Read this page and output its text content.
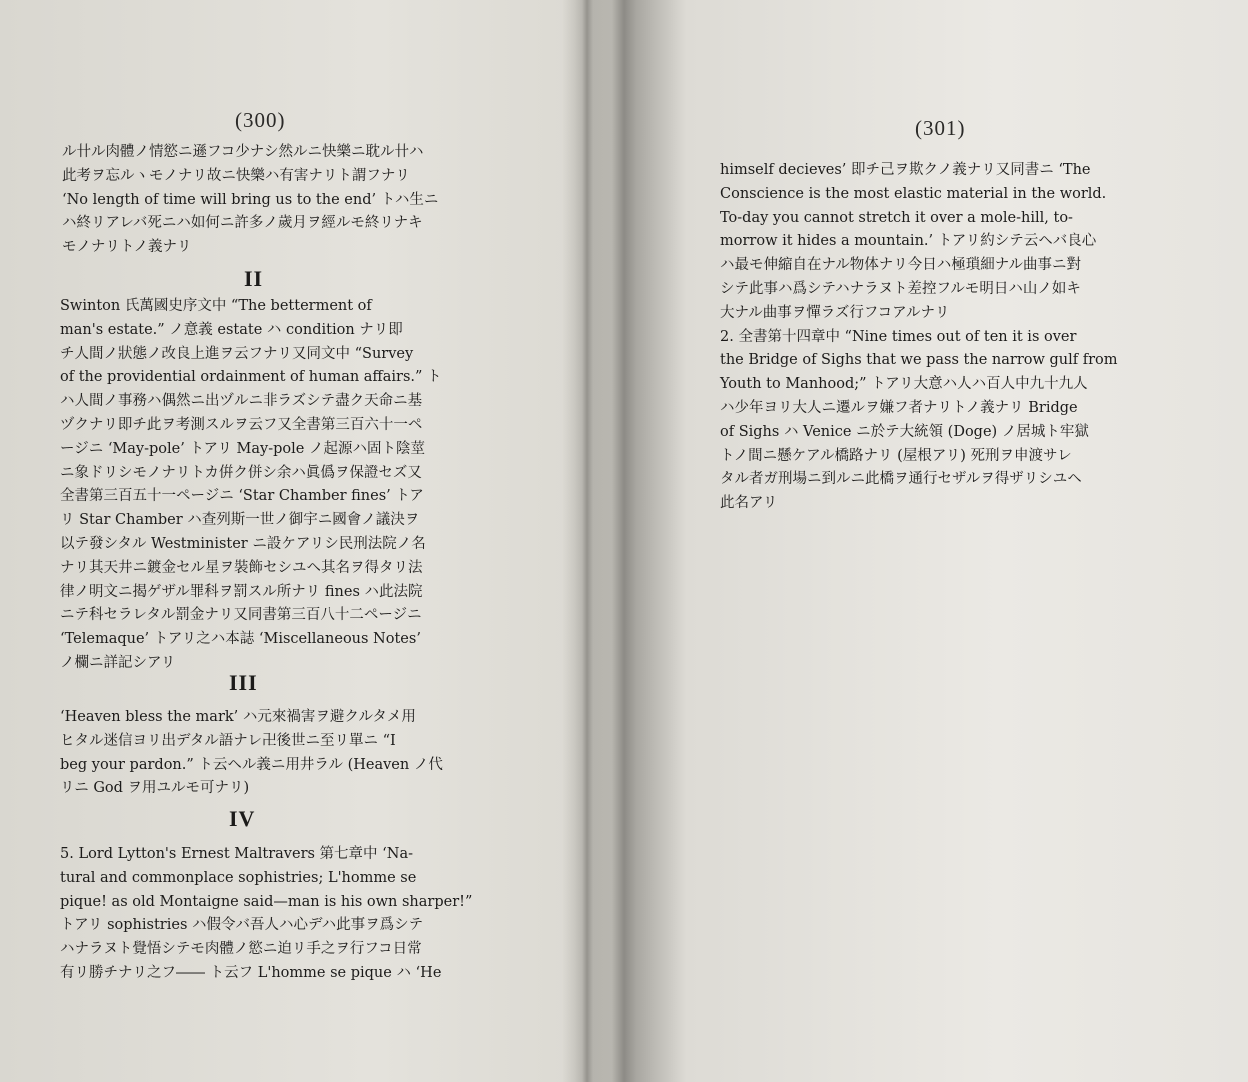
(300)
ル卄ル肉體ノ情慾ニ遜フコ少ナシ然ルニ快樂ニ耽ル卄ハ
此考ヲ忘ルヽモノナリ故ニ快樂ハ有害ナリト謂フナリ
‘No length of time will bring us to the end’ トハ生ニ
ハ終リアレバ死ニハ如何ニ許多ノ歲月ヲ經ルモ終リナキ
モノナリトノ義ナリ
II
Swinton 氏萬國史序文中 “The betterment of
man's estate.” ノ意義 estate ハ condition ナリ即
チ人間ノ狀態ノ改良上進ヲ云フナリ又同文中 “Survey
of the providential ordainment of human affairs.” ト
ハ人間ノ事務ハ偶然ニ出ヅルニ非ラズシテ盡ク天命ニ基
ヅクナリ即チ此ヲ考測スルヲ云フ又全書第三百六十一ペ
ージニ ‘May-pole’ トアリ May-pole ノ起源ハ固ト陰莖
ニ象ドリシモノナリトカ倂ク併シ余ハ眞僞ヲ保證セズ又
全書第三百五十一ページニ ‘Star Chamber fines’ トア
リ Star Chamber ハ查列斯一世ノ御宇ニ國會ノ議決ヲ
以テ發シタル Westminister ニ設ケアリシ民刑法院ノ名
ナリ其天井ニ鍍金セル星ヲ裝飾セシユヘ其名ヲ得タリ法
律ノ明文ニ揭ゲザル罪科ヲ罰スル所ナリ fines ハ此法院
ニテ科セラレタル罰金ナリ又同書第三百八十二ページニ
‘Telemaque’ トアリ之ハ本誌 ‘Miscellaneous Notes’
ノ欄ニ詳記シアリ
III
‘Heaven bless the mark’ ハ元來禍害ヲ避クルタメ用
ヒタル迷信ヨリ出デタル語ナレ卍後世ニ至リ單ニ “I
beg your pardon.” ト云ヘル義ニ用井ラル (Heaven ノ代
リニ God ヲ用ユルモ可ナリ)
IV
5. Lord Lytton's Ernest Maltravers 第七章中 ‘Na-
tural and commonplace sophistries; L'homme se
pique! as old Montaigne said—man is his own sharper!”
トアリ sophistries ハ假令バ吾人ハ心デハ此事ヲ爲シテ
ハナラヌト覺悟シテモ肉體ノ慾ニ迫リ手之ヲ行フコ日常
有リ勝チナリ之フ―― ト云フ L'homme se pique ハ ‘He
(301)
himself decieves’ 即チ己ヲ欺クノ義ナリ又同書ニ ‘The
Conscience is the most elastic material in the world.
To-day you cannot stretch it over a mole-hill, to-
morrow it hides a mountain.’ トアリ約シテ云ヘバ良心
ハ最モ伸縮自在ナル物体ナリ今日ハ極瑣細ナル曲事ニ對
シテ此事ハ爲シテハナラヌト差控フルモ明日ハ山ノ如キ
大ナル曲事ヲ憚ラズ行フコアルナリ
2. 全書第十四章中 “Nine times out of ten it is over
the Bridge of Sighs that we pass the narrow gulf from
Youth to Manhood;” トアリ大意ハ人ハ百人中九十九人
ハ少年ヨリ大人ニ遷ルヲ嫌フ者ナリトノ義ナリ Bridge
of Sighs ハ Venice ニ於テ大統領 (Doge) ノ居城ト牢獄
トノ間ニ懸ケアル橋路ナリ (屋根アリ) 死刑ヲ申渡サレ
タル者ガ刑場ニ到ルニ此橋ヲ通行セザルヲ得ザリシユヘ
此名アリ
